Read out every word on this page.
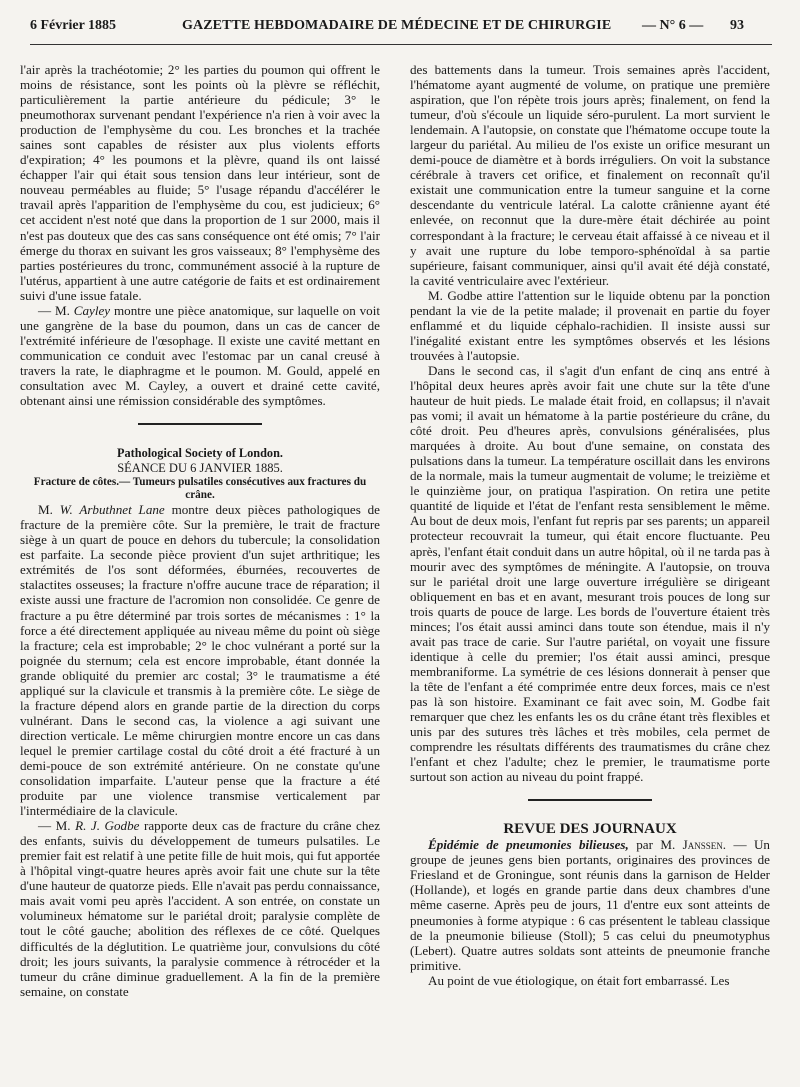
6 Février 1885	GAZETTE HEBDOMADAIRE DE MÉDECINE ET DE CHIRURGIE — N° 6 — 93

l'air après la trachéotomie; 2° les parties du poumon qui offrent le moins de résistance, sont les points où la plèvre se réfléchit, particulièrement la partie antérieure du pédicule; 3° le pneumothorax survenant pendant l'expérience n'a rien à voir avec la production de l'emphysème du cou. Les bronches et la trachée saines sont capables de résister aux plus violents efforts d'expiration; 4° les poumons et la plèvre, quand ils ont laissé échapper l'air qui était sous tension dans leur intérieur, sont de nouveau perméables au fluide; 5° l'usage répandu d'accélérer le travail après l'apparition de l'emphysème du cou, est judicieux; 6° cet accident n'est noté que dans la proportion de 1 sur 2000, mais il n'est pas douteux que des cas sans conséquence ont été omis; 7° l'air émerge du thorax en suivant les gros vaisseaux; 8° l'emphysème des parties postérieures du tronc, communément associé à la rupture de l'utérus, appartient à une autre catégorie de faits et est ordinairement suivi d'une issue fatale.

— M. Cayley montre une pièce anatomique, sur laquelle on voit une gangrène de la base du poumon, dans un cas de cancer de l'extrémité inférieure de l'œsophage. Il existe une cavité mettant en communication ce conduit avec l'estomac par un canal creusé à travers la rate, le diaphragme et le poumon. M. Gould, appelé en consultation avec M. Cayley, a ouvert et drainé cette cavité, obtenant ainsi une rémission considérable des symptômes.

Pathological Society of London.

SÉANCE DU 6 JANVIER 1885.

Fracture de côtes.— Tumeurs pulsatiles consécutives aux fractures du crâne.

M. W. Arbuthnet Lane montre deux pièces pathologiques de fracture de la première côte. Sur la première, le trait de fracture siège à un quart de pouce en dehors du tubercule; la consolidation est parfaite. La seconde pièce provient d'un sujet arthritique; les extrémités de l'os sont déformées, éburnées, recouvertes de stalactites osseuses; la fracture n'offre aucune trace de réparation; il existe aussi une fracture de l'acromion non consolidée. Ce genre de fracture a pu être déterminé par trois sortes de mécanismes : 1° la force a été directement appliquée au niveau même du point où siège la fracture; cela est improbable; 2° le choc vulnérant a porté sur la poignée du sternum; cela est encore improbable, étant donnée la grande obliquité du premier arc costal; 3° le traumatisme a été appliqué sur la clavicule et transmis à la première côte. Le siège de la fracture dépend alors en grande partie de la direction du corps vulnérant. Dans le second cas, la violence a agi suivant une direction verticale. Le même chirurgien montre encore un cas dans lequel le premier cartilage costal du côté droit a été fracturé à un demi-pouce de son extrémité antérieure. On ne constate qu'une consolidation imparfaite. L'auteur pense que la fracture a été produite par une violence transmise verticalement par l'intermédiaire de la clavicule.

— M. R. J. Godbe rapporte deux cas de fracture du crâne chez des enfants, suivis du développement de tumeurs pulsatiles. Le premier fait est relatif à une petite fille de huit mois, qui fut apportée à l'hôpital vingt-quatre heures après avoir fait une chute sur la tête d'une hauteur de quatorze pieds. Elle n'avait pas perdu connaissance, mais avait vomi peu après l'accident. A son entrée, on constate un volumineux hématome sur le pariétal droit; paralysie complète de tout le côté gauche; abolition des réflexes de ce côté. Quelques difficultés de la déglutition. Le quatrième jour, convulsions du côté droit; les jours suivants, la paralysie commence à rétrocéder et la tumeur du crâne diminue graduellement. A la fin de la première semaine, on constate

des battements dans la tumeur. Trois semaines après l'accident, l'hématome ayant augmenté de volume, on pratique une première aspiration, que l'on répète trois jours après; finalement, on fend la tumeur, d'où s'écoule un liquide séro-purulent. La mort survient le lendemain. A l'autopsie, on constate que l'hématome occupe toute la largeur du pariétal. Au milieu de l'os existe un orifice mesurant un demi-pouce de diamètre et à bords irréguliers. On voit la substance cérébrale à travers cet orifice, et finalement on reconnaît qu'il existait une communication entre la tumeur sanguine et la corne descendante du ventricule latéral. La calotte crânienne ayant été enlevée, on reconnut que la dure-mère était déchirée au point correspondant à la fracture; le cerveau était affaissé à ce niveau et il y avait une rupture du lobe temporo-sphénoïdal à sa partie supérieure, faisant communiquer, ainsi qu'il avait été déjà constaté, la cavité ventriculaire avec l'extérieur.

M. Godbe attire l'attention sur le liquide obtenu par la ponction pendant la vie de la petite malade; il provenait en partie du foyer enflammé et du liquide céphalo-rachidien. Il insiste aussi sur l'inégalité existant entre les symptômes observés et les lésions trouvées à l'autopsie.

Dans le second cas, il s'agit d'un enfant de cinq ans entré à l'hôpital deux heures après avoir fait une chute sur la tête d'une hauteur de huit pieds. Le malade était froid, en collapsus; il n'avait pas vomi; il avait un hématome à la partie postérieure du crâne, du côté droit. Peu d'heures après, convulsions généralisées, plus marquées à droite. Au bout d'une semaine, on constata des pulsations dans la tumeur. La température oscillait dans les environs de la normale, mais la tumeur augmentait de volume; le treizième et le quinzième jour, on pratiqua l'aspiration. On retira une petite quantité de liquide et l'état de l'enfant resta sensiblement le même. Au bout de deux mois, l'enfant fut repris par ses parents; un appareil protecteur recouvrait la tumeur, qui était encore fluctuante. Peu après, l'enfant était conduit dans un autre hôpital, où il ne tarda pas à mourir avec des symptômes de méningite. A l'autopsie, on trouva sur le pariétal droit une large ouverture irrégulière se dirigeant obliquement en bas et en avant, mesurant trois pouces de long sur trois quarts de pouce de large. Les bords de l'ouverture étaient très minces; l'os était aussi aminci dans toute son étendue, mais il n'y avait pas trace de carie. Sur l'autre pariétal, on voyait une fissure identique à celle du premier; l'os était aussi aminci, presque membraniforme. La symétrie de ces lésions donnerait à penser que la tête de l'enfant a été comprimée entre deux forces, mais ce n'est pas là son histoire. Examinant ce fait avec soin, M. Godbe fait remarquer que chez les enfants les os du crâne étant très flexibles et unis par des sutures très lâches et très mobiles, cela permet de comprendre les résultats différents des traumatismes du crâne chez l'enfant et chez l'adulte; chez le premier, le traumatisme porte surtout son action au niveau du point frappé.

REVUE DES JOURNAUX

Épidémie de pneumonies bilieuses, par M. Janssen. — Un groupe de jeunes gens bien portants, originaires des provinces de Friesland et de Groningue, sont réunis dans la garnison de Helder (Hollande), et logés en grande partie dans deux chambres d'une même caserne. Après peu de jours, 11 d'entre eux sont atteints de pneumonies à forme atypique : 6 cas présentent le tableau classique de la pneumonie bilieuse (Stoll); 5 cas celui du pneumotyphus (Lebert). Quatre autres soldats sont atteints de pneumonie franche primitive.

Au point de vue étiologique, on était fort embarrassé. Les
